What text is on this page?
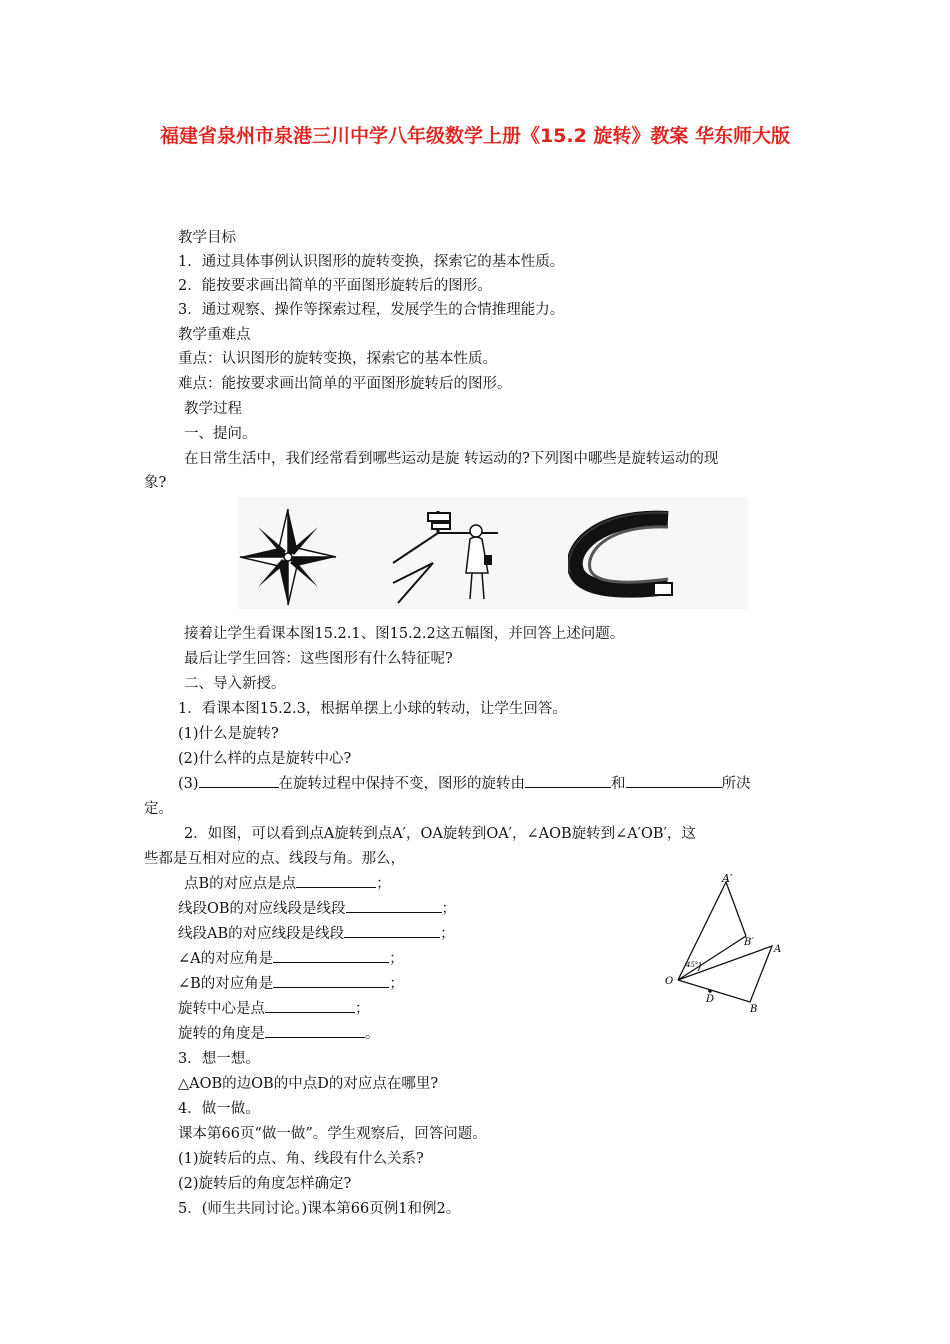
福建省泉州市泉港三川中学八年级数学上册《15.2 旋转》教案 华东师大版
教学目标
1．通过具体事例认识图形的旋转变换，探索它的基本性质。
2．能按要求画出简单的平面图形旋转后的图形。
3．通过观察、操作等探索过程，发展学生的合情推理能力。
教学重难点
重点：认识图形的旋转变换，探索它的基本性质。
难点：能按要求画出简单的平面图形旋转后的图形。
教学过程
一、提问。
在日常生活中，我们经常看到哪些运动是旋 转运动的?下列图中哪些是旋转运动的现
象?
接着让学生看课本图15.2.1、图15.2.2这五幅图，并回答上述问题。
最后让学生回答：这些图形有什么特征呢?
二、导入新授。
1．看课本图15.2.3，根据单摆上小球的转动，让学生回答。
(1)什么是旋转?
(2)什么样的点是旋转中心?
(3)	在旋转过程中保持不变，图形的旋转由	和	所决
定。
2．如图，可以看到点A旋转到点A′，OA旋转到OA′，∠AOB旋转到∠A′OB′，这
些都是互相对应的点、线段与角。那么，
点B的对应点是点	；
线段OB的对应线段是线段	；
线段AB的对应线段是线段	；
∠A的对应角是	；
∠B的对应角是	；
旋转中心是点	；
旋转的角度是	。
A′
B′
A
O
D
B
45°
3．想一想。
△AOB的边OB的中点D的对应点在哪里?
4．做一做。
课本第66页“做一做”。学生观察后，回答问题。
(1)旋转后的点、角、线段有什么关系?
(2)旋转后的角度怎样确定?
5．(师生共同讨论。)课本第66页例1和例2。
